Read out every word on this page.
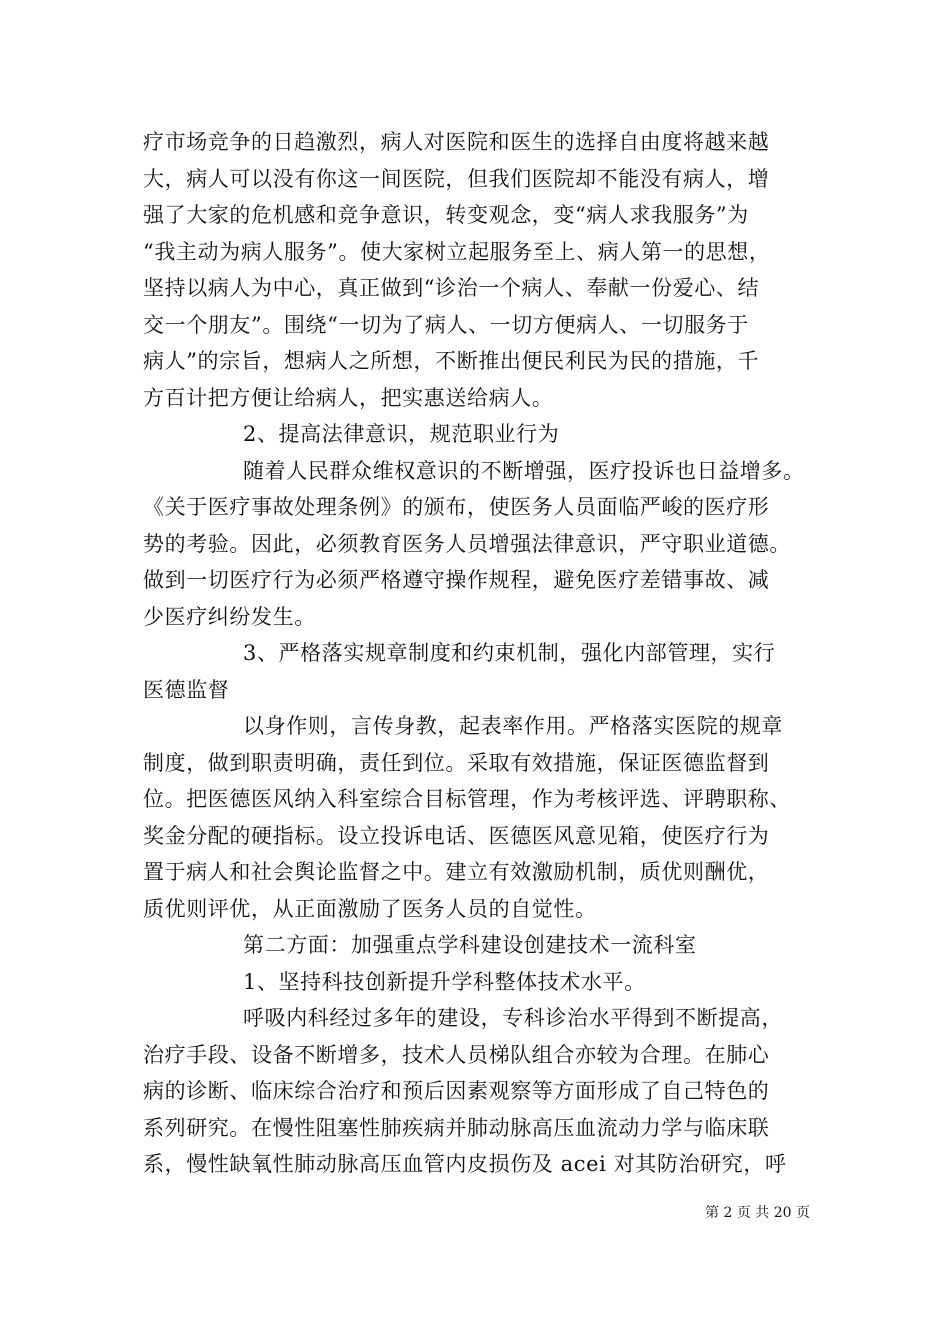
疗市场竞争的日趋激烈，病人对医院和医生的选择自由度将越来越
大，病人可以没有你这一间医院，但我们医院却不能没有病人，增
强了大家的危机感和竞争意识，转变观念，变“病人求我服务”为
“我主动为病人服务”。使大家树立起服务至上、病人第一的思想，
坚持以病人为中心，真正做到“诊治一个病人、奉献一份爱心、结
交一个朋友”。围绕“一切为了病人、一切方便病人、一切服务于
病人”的宗旨，想病人之所想，不断推出便民利民为民的措施，千
方百计把方便让给病人，把实惠送给病人。
2、提高法律意识，规范职业行为
随着人民群众维权意识的不断增强，医疗投诉也日益增多。
《关于医疗事故处理条例》的颁布，使医务人员面临严峻的医疗形
势的考验。因此，必须教育医务人员增强法律意识，严守职业道德。
做到一切医疗行为必须严格遵守操作规程，避免医疗差错事故、减
少医疗纠纷发生。
3、严格落实规章制度和约束机制，强化内部管理，实行
医德监督
以身作则，言传身教，起表率作用。严格落实医院的规章
制度，做到职责明确，责任到位。采取有效措施，保证医德监督到
位。把医德医风纳入科室综合目标管理，作为考核评选、评聘职称、
奖金分配的硬指标。设立投诉电话、医德医风意见箱，使医疗行为
置于病人和社会舆论监督之中。建立有效激励机制，质优则酬优，
质优则评优，从正面激励了医务人员的自觉性。
第二方面：加强重点学科建设创建技术一流科室
1、坚持科技创新提升学科整体技术水平。
呼吸内科经过多年的建设，专科诊治水平得到不断提高，
治疗手段、设备不断增多，技术人员梯队组合亦较为合理。在肺心
病的诊断、临床综合治疗和预后因素观察等方面形成了自己特色的
系列研究。在慢性阻塞性肺疾病并肺动脉高压血流动力学与临床联
系，慢性缺氧性肺动脉高压血管内皮损伤及 acei 对其防治研究，呼
第 2 页 共 20 页
